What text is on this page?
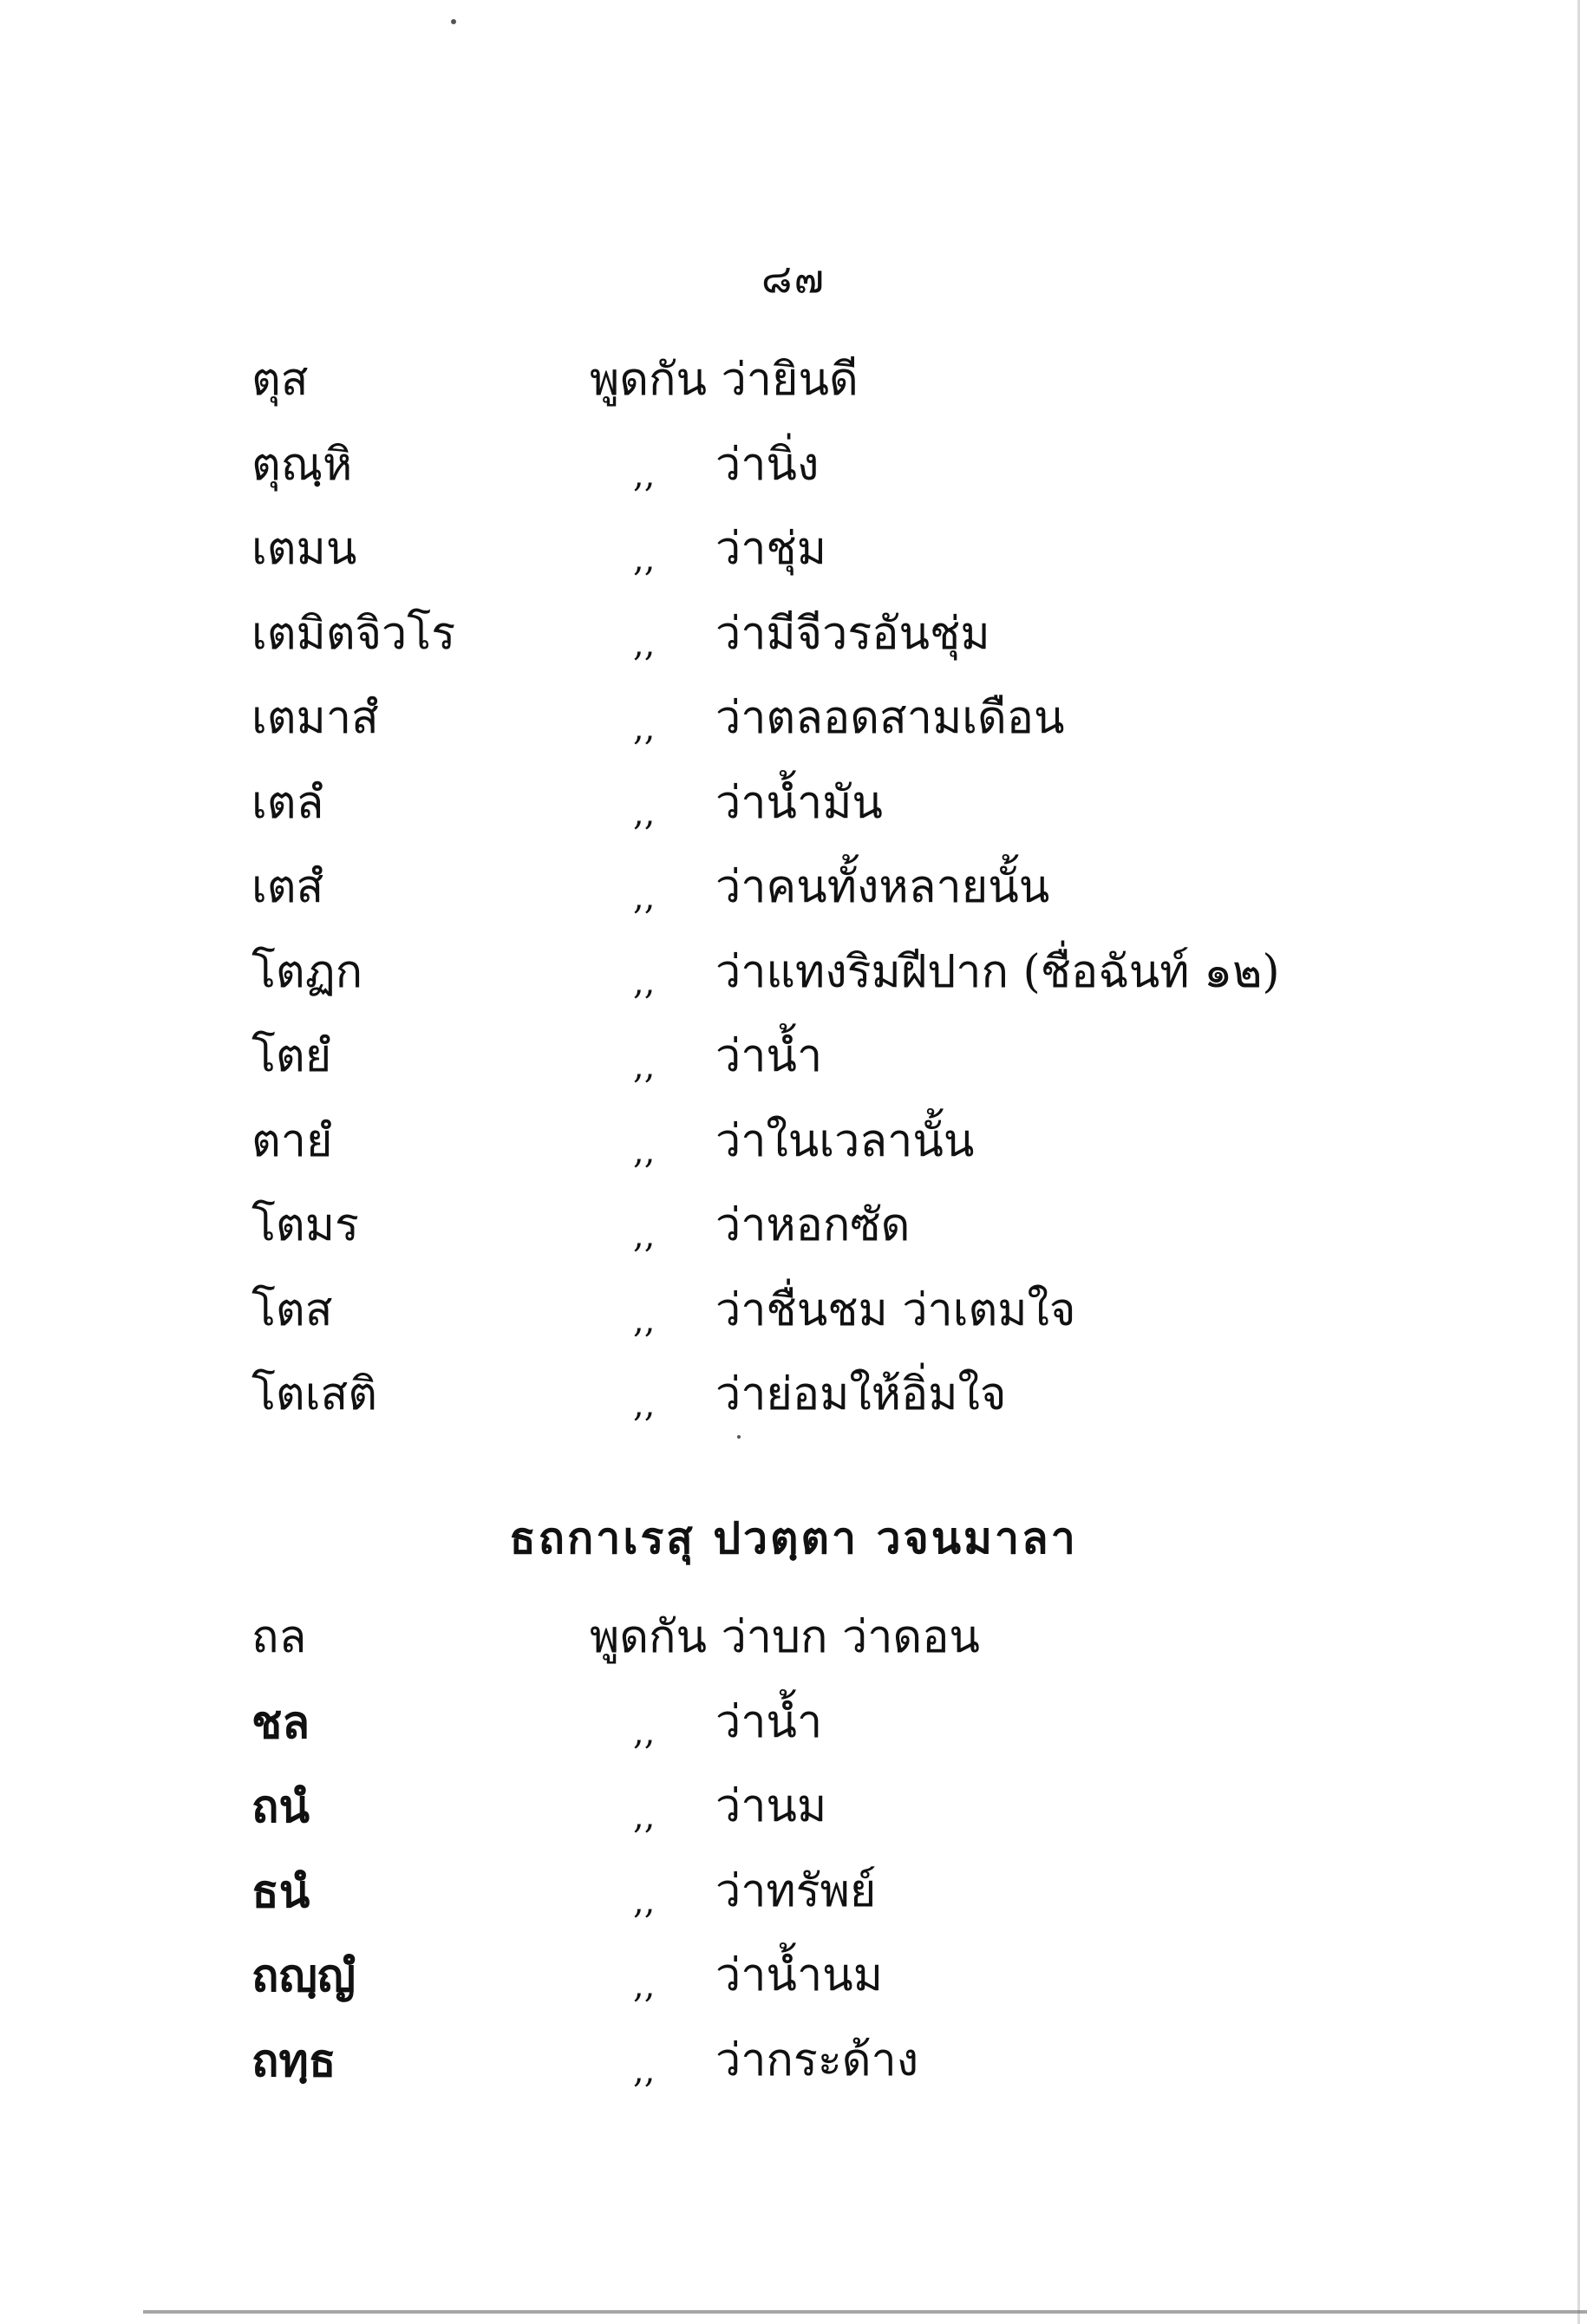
๘๗
ตุส	พูดกัน ว่ายินดี
ตุณฺหิ	,, ว่านิ่ง
เตมน	,, ว่าชุ่ม
เตมิตจิวโร	,, ว่ามีจีวรอันชุ่ม
เตมาสํ	,, ว่าตลอดสามเดือน
เตลํ	,, ว่าน้ำมัน
เตสํ	,, ว่าคนทั้งหลายนั้น
โตฏก	,, ว่าแทงริมฝีปาก (ชื่อฉันท์ ๑๒)
โตยํ	,, ว่าน้ำ
ตายํ	,, ว่าในเวลานั้น
โตมร	,, ว่าหอกซัด
โตส	,, ว่าชื่นชม ว่าเตมใจ
โตเสติ	,, ว่าย่อมให้อิ่มใจ
ธถกาเรสุ ปวตฺตา วจนมาลา
ถล	พูดกัน ว่าบก ว่าดอน
ชล	,, ว่าน้ำ
ถนํ	,, ว่านม
ธนํ	,, ว่าทรัพย์
ถญฺญํ	,, ว่าน้ำนม
ถทฺธ	,, ว่ากระด้าง
